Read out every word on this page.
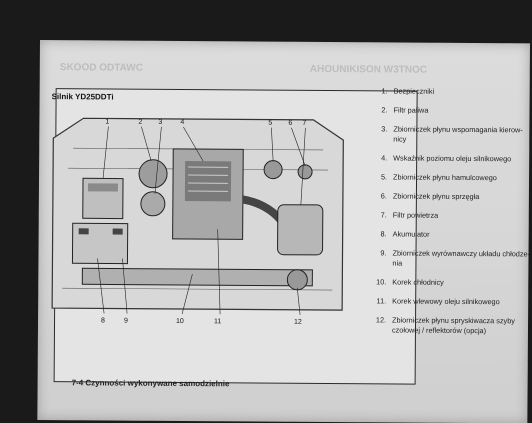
SKOOD ODTAWC	AHOUNIKISON W3TNOC
Silnik YD25DDTi
1	2 3	4	5 6 7
8	9	10	11	12
1. Bezpieczniki
2. Filtr paliwa
3. Zbiorniczek płynu wspomagania kierow-nicy
4. Wskaźnik poziomu oleju silnikowego
5. Zbiorniczek płynu hamulcowego
6. Zbiorniczek płynu sprzęgła
7. Filtr powietrza
8. Akumulator
9. Zbiorniczek wyrównawczy układu chłodze-nia
10. Korek chłodnicy
11. Korek wlewowy oleju silnikowego
12. Zbiorniczek płynu spryskiwacza szyby czołowej / reflektorów (opcja)
7-4 Czynności wykonywane samodzielnie
